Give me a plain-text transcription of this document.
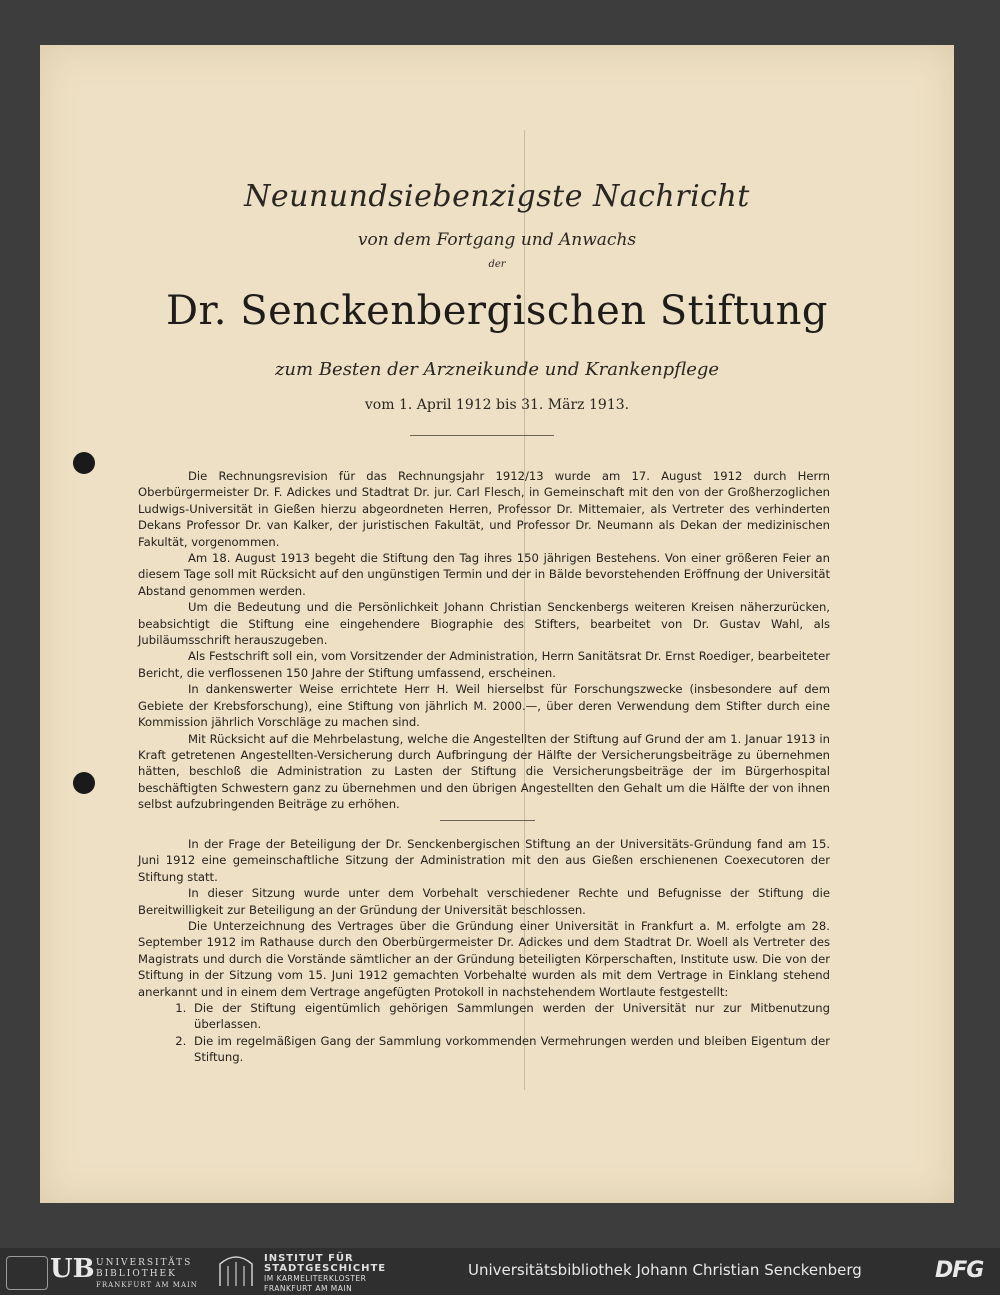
Neunundsiebenzigste Nachricht
von dem Fortgang und Anwachs
der
Dr. Senckenbergischen Stiftung
zum Besten der Arzneikunde und Krankenpflege
vom 1. April 1912 bis 31. März 1913.

Die Rechnungsrevision für das Rechnungsjahr 1912/13 wurde am 17. August 1912 durch Herrn Oberbürgermeister Dr. F. Adickes und Stadtrat Dr. jur. Carl Flesch, in Gemeinschaft mit den von der Großherzoglichen Ludwigs-Universität in Gießen hierzu abgeordneten Herren, Professor Dr. Mittemaier, als Vertreter des verhinderten Dekans Professor Dr. van Kalker, der juristischen Fakultät, und Professor Dr. Neumann als Dekan der medizinischen Fakultät, vorgenommen.

Am 18. August 1913 begeht die Stiftung den Tag ihres 150 jährigen Bestehens. Von einer größeren Feier an diesem Tage soll mit Rücksicht auf den ungünstigen Termin und der in Bälde bevorstehenden Eröffnung der Universität Abstand genommen werden.

Um die Bedeutung und die Persönlichkeit Johann Christian Senckenbergs weiteren Kreisen näherzurücken, beabsichtigt die Stiftung eine eingehendere Biographie des Stifters, bearbeitet von Dr. Gustav Wahl, als Jubiläumsschrift herauszugeben.

Als Festschrift soll ein, vom Vorsitzender der Administration, Herrn Sanitätsrat Dr. Ernst Roediger, bearbeiteter Bericht, die verflossenen 150 Jahre der Stiftung umfassend, erscheinen.

In dankenswerter Weise errichtete Herr H. Weil hierselbst für Forschungszwecke (insbesondere auf dem Gebiete der Krebsforschung), eine Stiftung von jährlich M. 2000.—, über deren Verwendung dem Stifter durch eine Kommission jährlich Vorschläge zu machen sind.

Mit Rücksicht auf die Mehrbelastung, welche die Angestellten der Stiftung auf Grund der am 1. Januar 1913 in Kraft getretenen Angestellten-Versicherung durch Aufbringung der Hälfte der Versicherungsbeiträge zu übernehmen hätten, beschloß die Administration zu Lasten der Stiftung die Versicherungsbeiträge der im Bürgerhospital beschäftigten Schwestern ganz zu übernehmen und den übrigen Angestellten den Gehalt um die Hälfte der von ihnen selbst aufzubringenden Beiträge zu erhöhen.

In der Frage der Beteiligung der Dr. Senckenbergischen Stiftung an der Universitäts-Gründung fand am 15. Juni 1912 eine gemeinschaftliche Sitzung der Administration mit den aus Gießen erschienenen Coexecutoren der Stiftung statt.

In dieser Sitzung wurde unter dem Vorbehalt verschiedener Rechte und Befugnisse der Stiftung die Bereitwilligkeit zur Beteiligung an der Gründung der Universität beschlossen.

Die Unterzeichnung des Vertrages über die Gründung einer Universität in Frankfurt a. M. erfolgte am 28. September 1912 im Rathause durch den Oberbürgermeister Dr. Adickes und dem Stadtrat Dr. Woell als Vertreter des Magistrats und durch die Vorstände sämtlicher an der Gründung beteiligten Körperschaften, Institute usw. Die von der Stiftung in der Sitzung vom 15. Juni 1912 gemachten Vorbehalte wurden als mit dem Vertrage in Einklang stehend anerkannt und in einem dem Vertrage angefügten Protokoll in nachstehendem Wortlaute festgestellt:

1. Die der Stiftung eigentümlich gehörigen Sammlungen werden der Universität nur zur Mitbenutzung überlassen.
2. Die im regelmäßigen Gang der Sammlung vorkommenden Vermehrungen werden und bleiben Eigentum der Stiftung.
UB UNIVERSITÄTS
BIBLIOTHEK
FRANKFURT AM MAIN
INSTITUT FÜR
STADTGESCHICHTE
IM KARMELITERKLOSTER
FRANKFURT AM MAIN
Universitätsbibliothek Johann Christian Senckenberg	DFG
